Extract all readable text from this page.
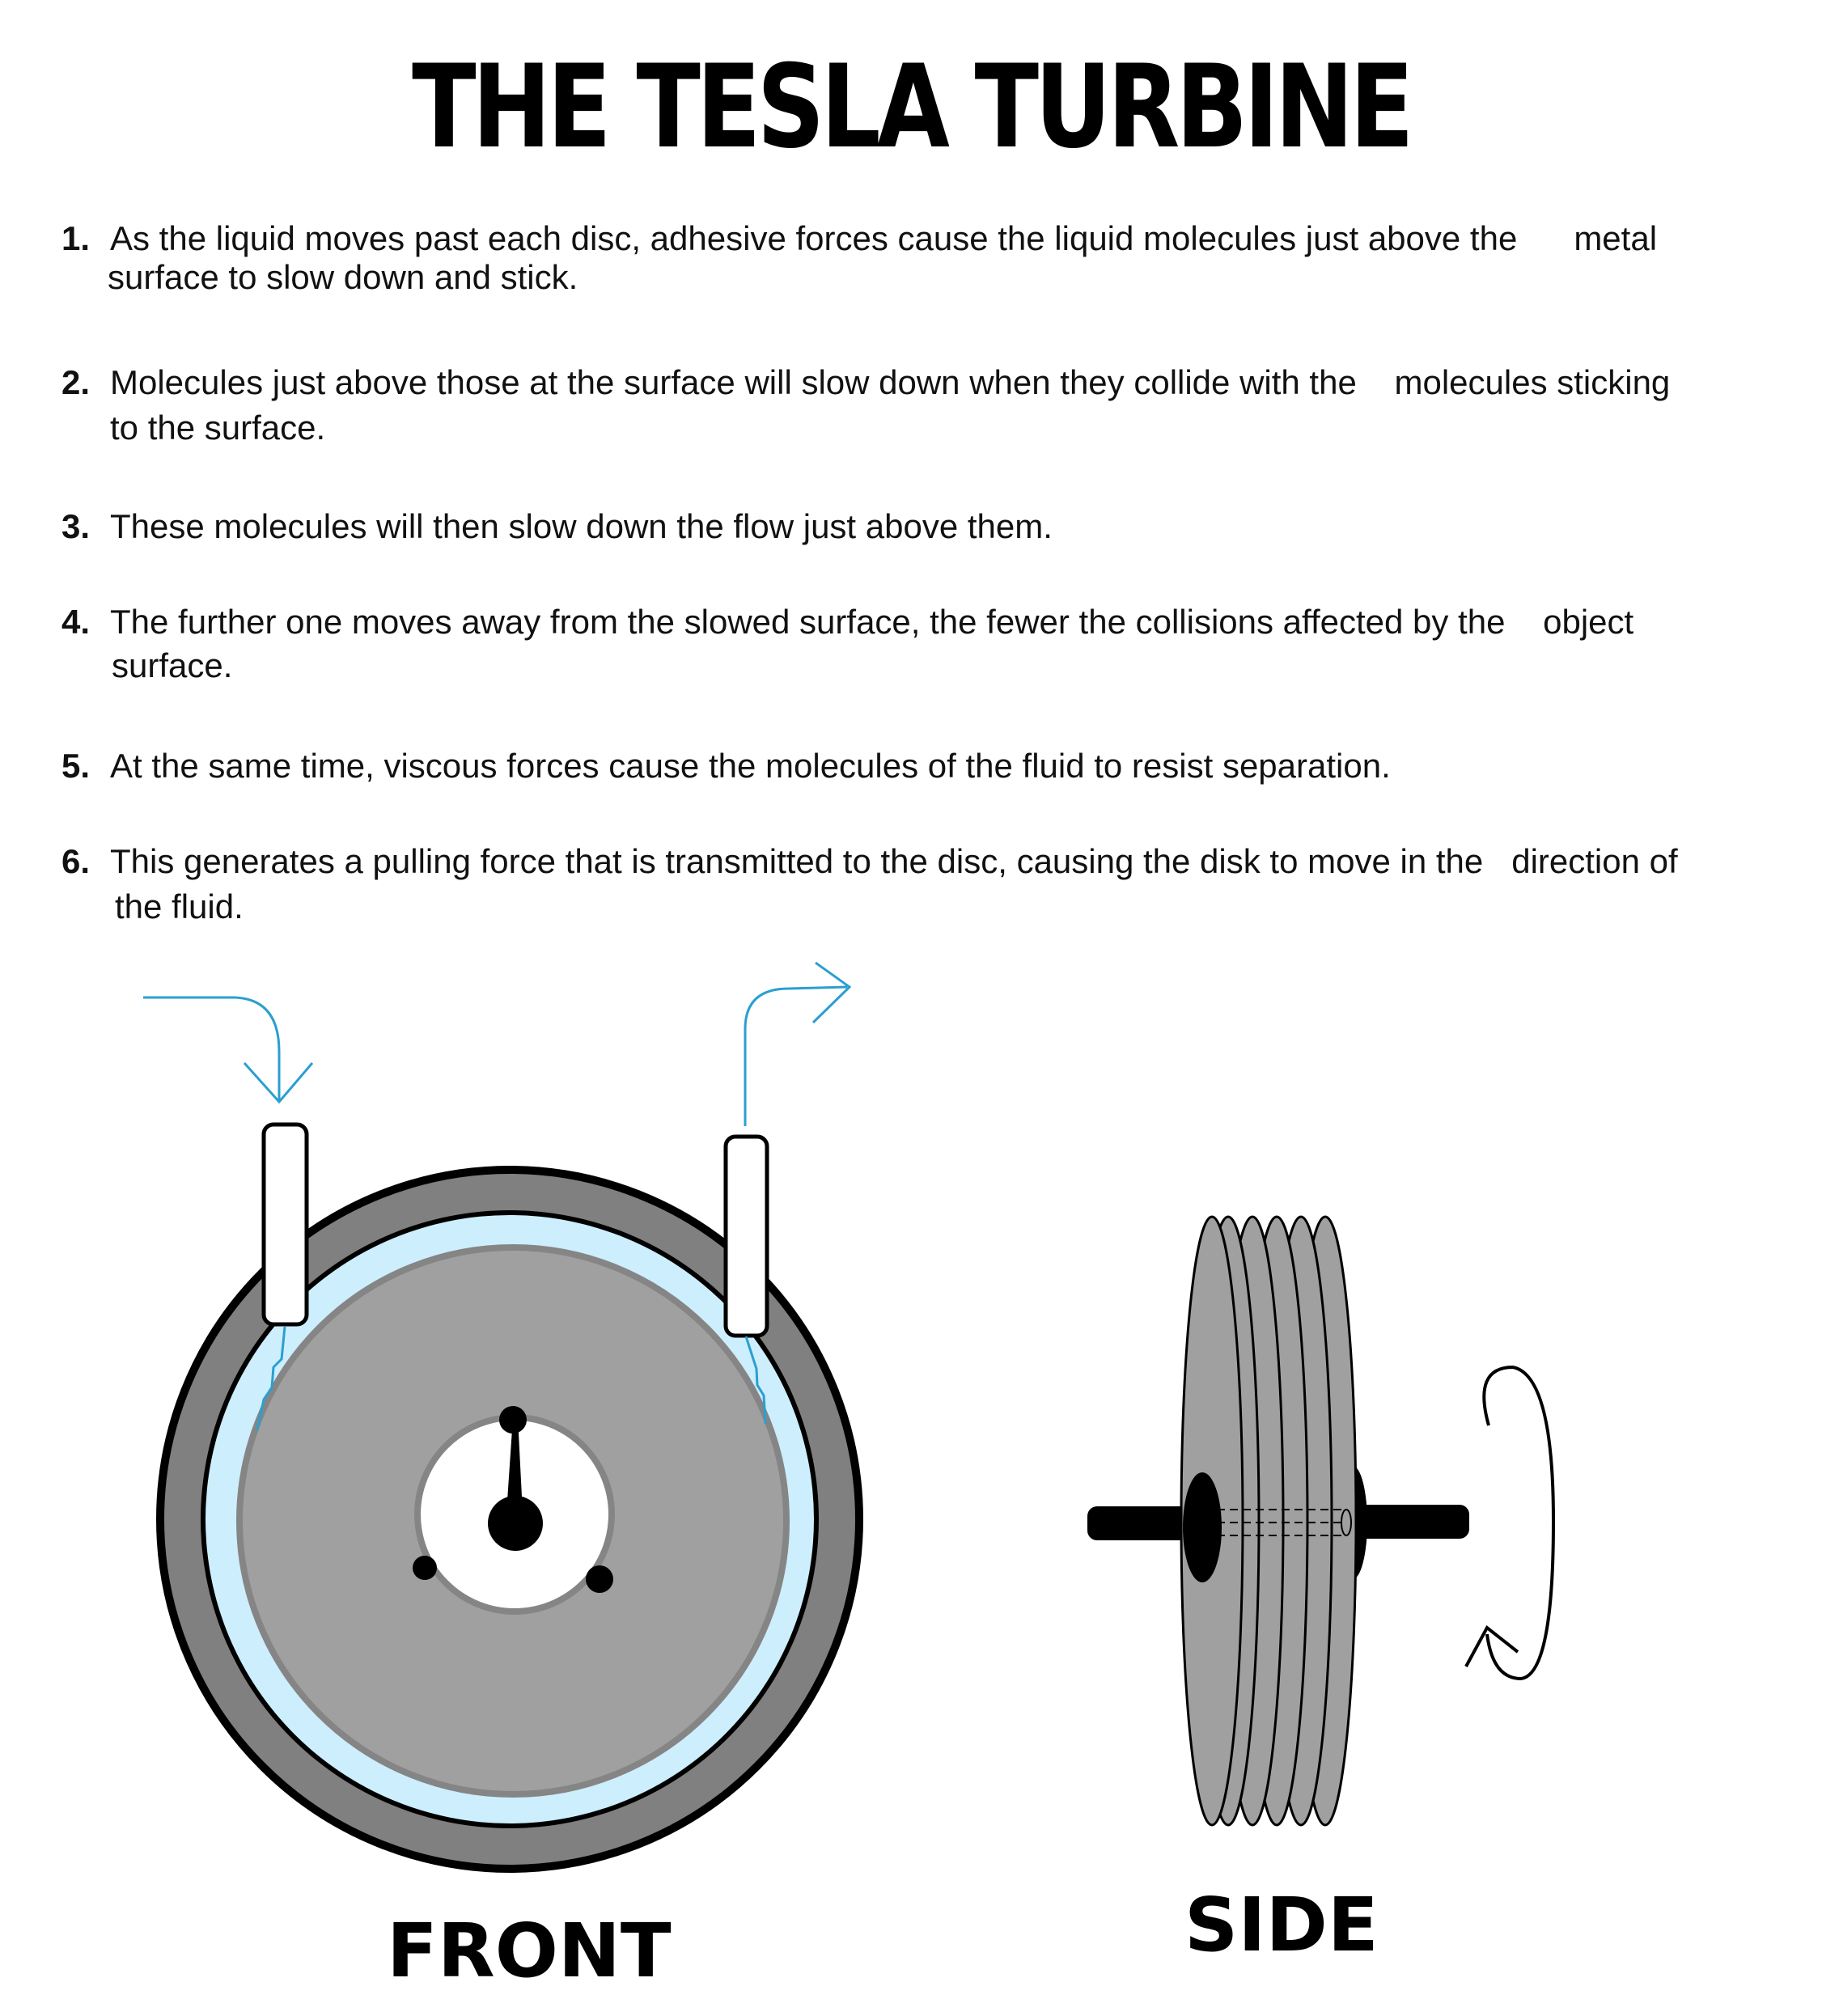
THE TESLA TURBINE
1. As the liquid moves past each disc, adhesive forces cause the liquid molecules just above the      metal
surface to slow down and stick.
2. Molecules just above those at the surface will slow down when they collide with the    molecules sticking
to the surface.
3. These molecules will then slow down the flow just above them.
4. The further one moves away from the slowed surface, the fewer the collisions affected by the    object
surface.
5. At the same time, viscous forces cause the molecules of the fluid to resist separation.
6. This generates a pulling force that is transmitted to the disc, causing the disk to move in the   direction of
the fluid.
FRONT	SIDE
